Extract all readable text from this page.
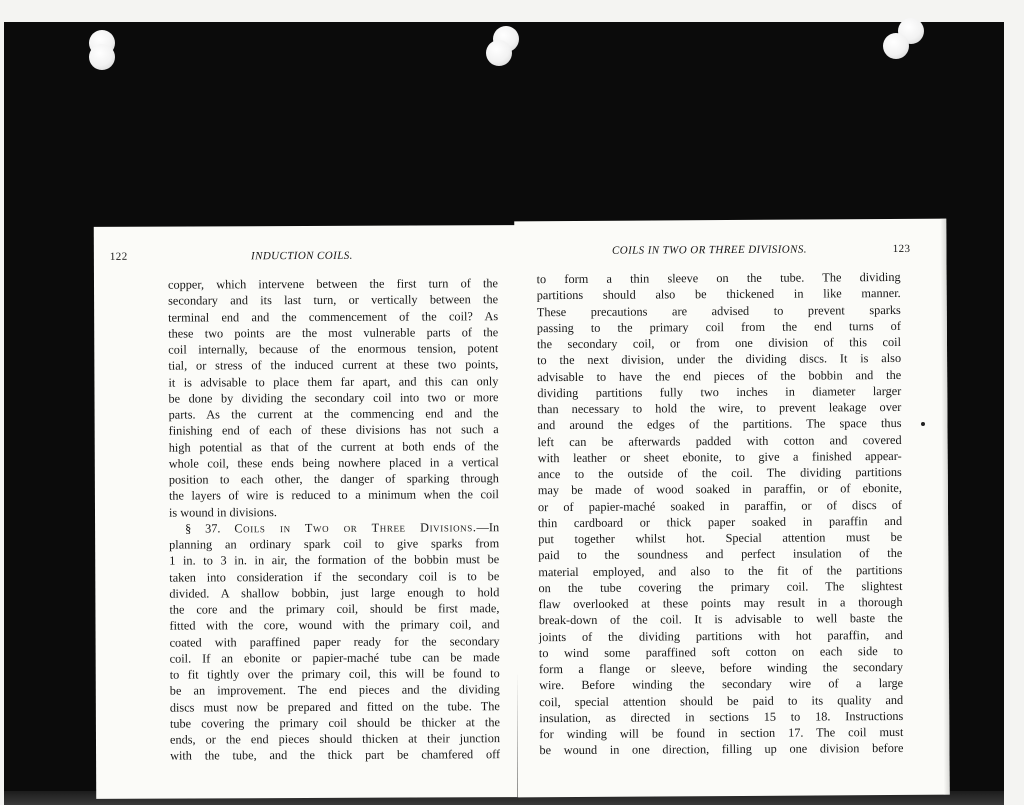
122	INDUCTION COILS.
copper, which intervene between the first turn of the
secondary and its last turn, or vertically between the
terminal end and the commencement of the coil? As
these two points are the most vulnerable parts of the
coil internally, because of the enormous tension, potent
tial, or stress of the induced current at these two points,
it is advisable to place them far apart, and this can only
be done by dividing the secondary coil into two or more
parts. As the current at the commencing end and the
finishing end of each of these divisions has not such a
high potential as that of the current at both ends of the
whole coil, these ends being nowhere placed in a vertical
position to each other, the danger of sparking through
the layers of wire is reduced to a minimum when the coil
is wound in divisions.
§ 37. Coils in Two or Three Divisions.—In
planning an ordinary spark coil to give sparks from
1 in. to 3 in. in air, the formation of the bobbin must be
taken into consideration if the secondary coil is to be
divided. A shallow bobbin, just large enough to hold
the core and the primary coil, should be first made,
fitted with the core, wound with the primary coil, and
coated with paraffined paper ready for the secondary
coil. If an ebonite or papier-maché tube can be made
to fit tightly over the primary coil, this will be found to
be an improvement. The end pieces and the dividing
discs must now be prepared and fitted on the tube. The
tube covering the primary coil should be thicker at the
ends, or the end pieces should thicken at their junction
with the tube, and the thick part be chamfered off
COILS IN TWO OR THREE DIVISIONS.	123
to form a thin sleeve on the tube. The dividing
partitions should also be thickened in like manner.
These precautions are advised to prevent sparks
passing to the primary coil from the end turns of
the secondary coil, or from one division of this coil
to the next division, under the dividing discs. It is also
advisable to have the end pieces of the bobbin and the
dividing partitions fully two inches in diameter larger
than necessary to hold the wire, to prevent leakage over
and around the edges of the partitions. The space thus
left can be afterwards padded with cotton and covered
with leather or sheet ebonite, to give a finished appear-
ance to the outside of the coil. The dividing partitions
may be made of wood soaked in paraffin, or of ebonite,
or of papier-maché soaked in paraffin, or of discs of
thin cardboard or thick paper soaked in paraffin and
put together whilst hot. Special attention must be
paid to the soundness and perfect insulation of the
material employed, and also to the fit of the partitions
on the tube covering the primary coil. The slightest
flaw overlooked at these points may result in a thorough
break-down of the coil. It is advisable to well baste the
joints of the dividing partitions with hot paraffin, and
to wind some paraffined soft cotton on each side to
form a flange or sleeve, before winding the secondary
wire. Before winding the secondary wire of a large
coil, special attention should be paid to its quality and
insulation, as directed in sections 15 to 18. Instructions
for winding will be found in section 17. The coil must
be wound in one direction, filling up one division before
